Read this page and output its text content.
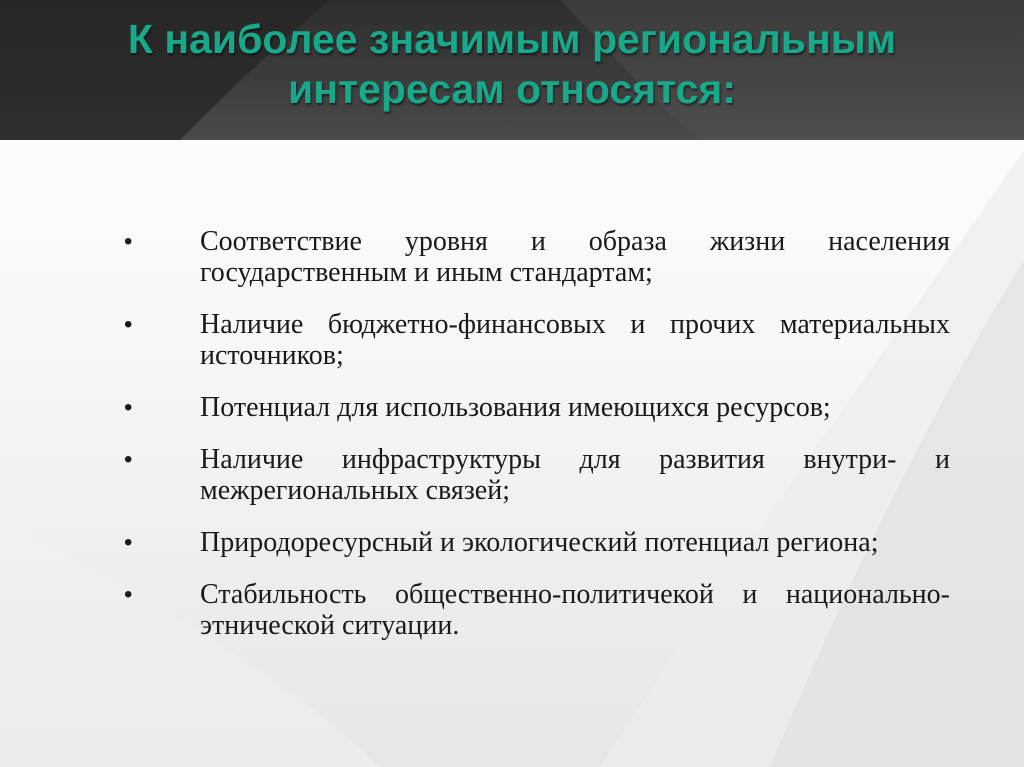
К наиболее значимым региональным
интересам относятся:
•	Соответствие уровня и образа жизни населения государственным и иным стандартам;
•	Наличие бюджетно-финансовых и прочих материальных источников;
•	Потенциал для использования имеющихся ресурсов;
•	Наличие инфраструктуры для развития внутри- и межрегиональных связей;
•	Природоресурсный и экологический потенциал региона;
•	Стабильность общественно-политичекой и национально-этнической ситуации.
